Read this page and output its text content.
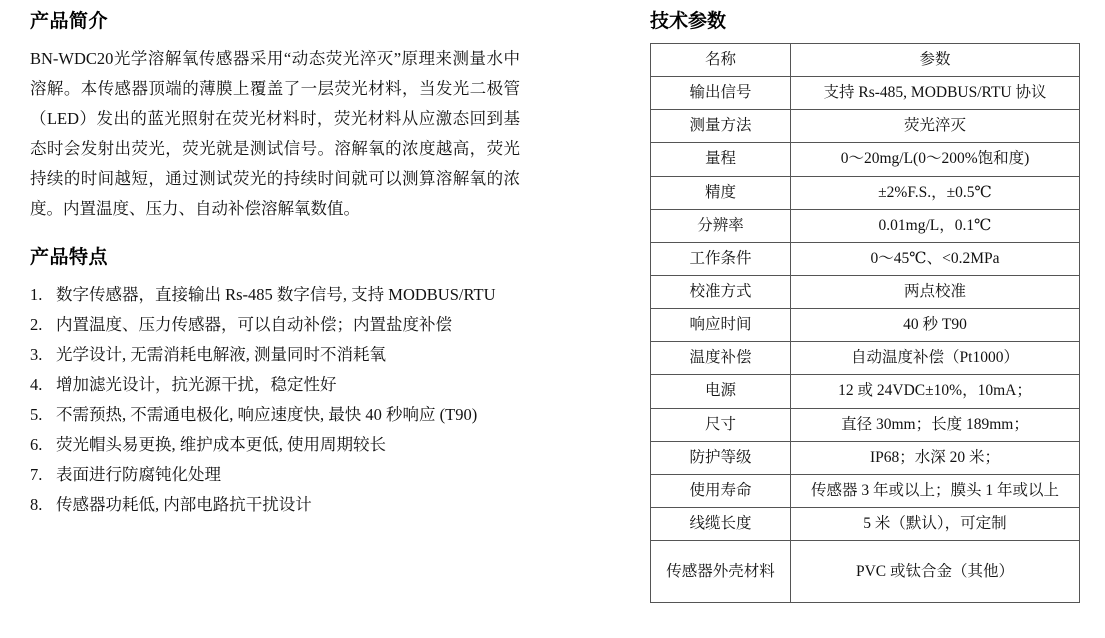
产品简介

BN-WDC20光学溶解氧传感器采用“动态荧光淬灭”原理来测量水中溶解。本传感器顶端的薄膜上覆盖了一层荧光材料，当发光二极管（LED）发出的蓝光照射在荧光材料时，荧光材料从应激态回到基态时会发射出荧光，荧光就是测试信号。溶解氧的浓度越高，荧光持续的时间越短，通过测试荧光的持续时间就可以测算溶解氧的浓度。内置温度、压力、自动补偿溶解氧数值。

产品特点
1. 数字传感器，直接输出 Rs-485 数字信号, 支持 MODBUS/RTU
2. 内置温度、压力传感器，可以自动补偿；内置盐度补偿
3. 光学设计, 无需消耗电解液, 测量同时不消耗氧
4. 增加滤光设计，抗光源干扰，稳定性好
5. 不需预热, 不需通电极化, 响应速度快, 最快 40 秒响应 (T90)
6. 荧光帽头易更换, 维护成本更低, 使用周期较长
7. 表面进行防腐钝化处理
8. 传感器功耗低, 内部电路抗干扰设计
技术参数
名称	参数
输出信号	支持 Rs-485, MODBUS/RTU 协议
测量方法	荧光淬灭
量程	0～20mg/L(0～200%饱和度)
精度	±2%F.S.，±0.5℃
分辨率	0.01mg/L，0.1℃
工作条件	0～45℃、<0.2MPa
校准方式	两点校准
响应时间	40 秒 T90
温度补偿	自动温度补偿（Pt1000）
电源	12 或 24VDC±10%，10mA；
尺寸	直径 30mm；长度 189mm；
防护等级	IP68；水深 20 米；
使用寿命	传感器 3 年或以上；膜头 1 年或以上
线缆长度	5 米（默认），可定制
传感器外壳材料	PVC 或钛合金（其他）
